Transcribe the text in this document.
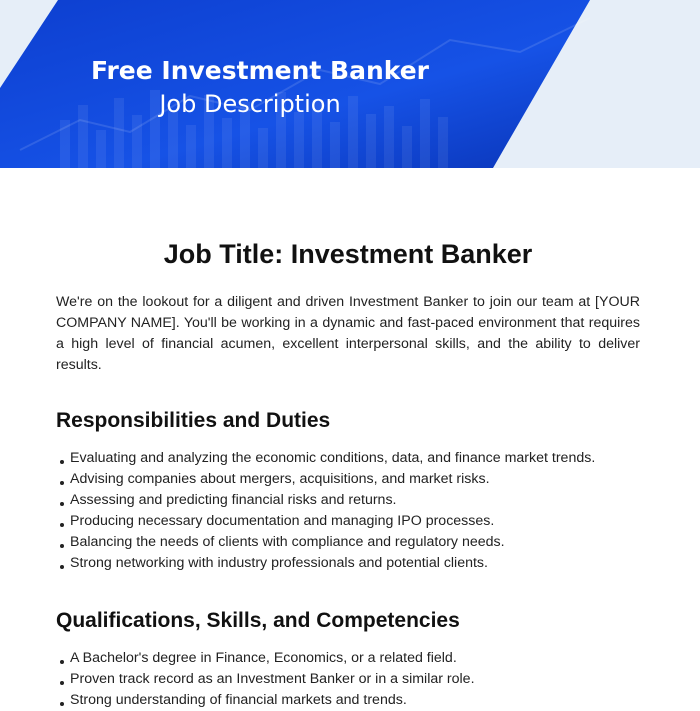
Free Investment Banker
Job Description
Job Title: Investment Banker

We're on the lookout for a diligent and driven Investment Banker to join our team at [YOUR COMPANY NAME]. You'll be working in a dynamic and fast-paced environment that requires a high level of financial acumen, excellent interpersonal skills, and the ability to deliver results.

Responsibilities and Duties
Evaluating and analyzing the economic conditions, data, and finance market trends.
Advising companies about mergers, acquisitions, and market risks.
Assessing and predicting financial risks and returns.
Producing necessary documentation and managing IPO processes.
Balancing the needs of clients with compliance and regulatory needs.
Strong networking with industry professionals and potential clients.
Qualifications, Skills, and Competencies
A Bachelor's degree in Finance, Economics, or a related field.
Proven track record as an Investment Banker or in a similar role.
Strong understanding of financial markets and trends.
